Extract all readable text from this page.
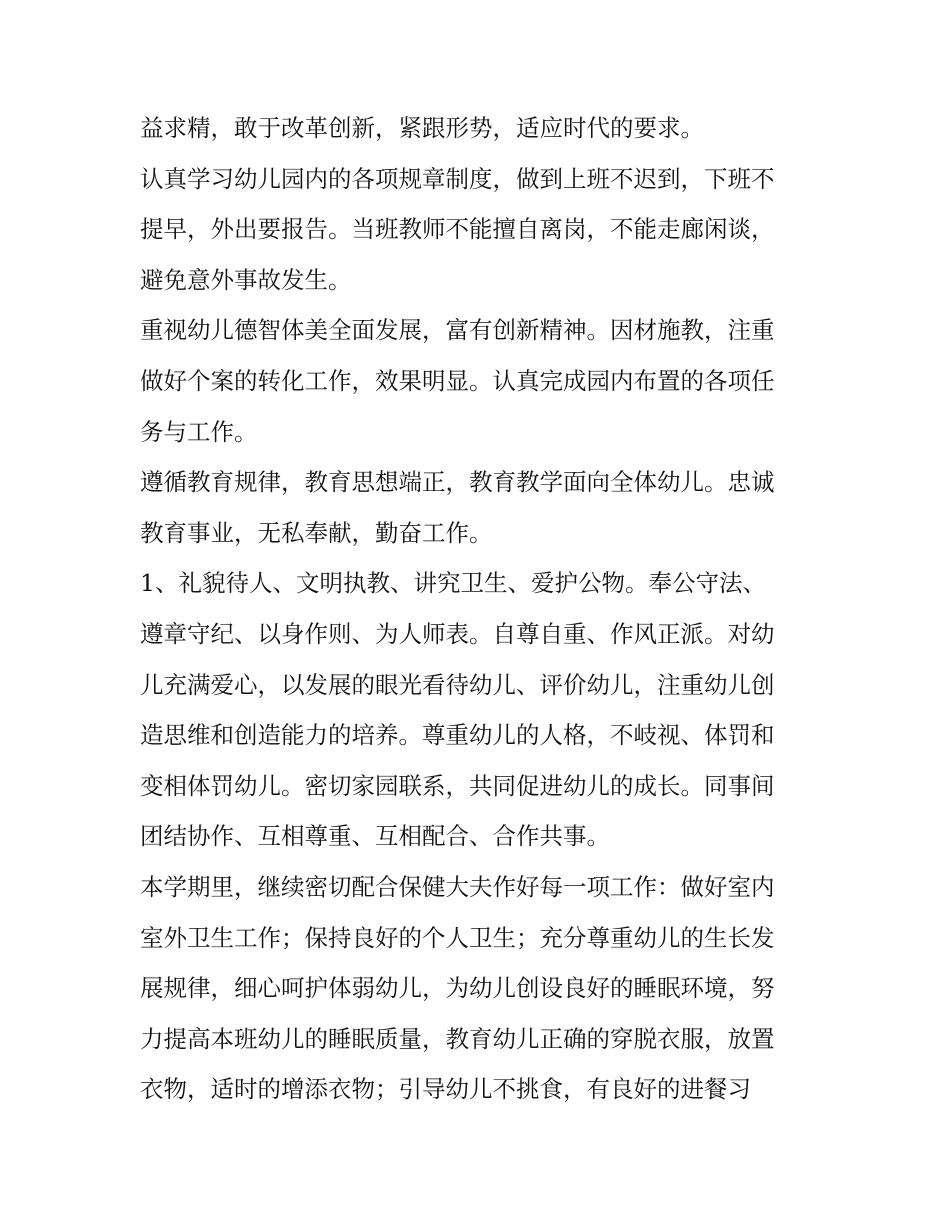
益求精，敢于改革创新，紧跟形势，适应时代的要求。
认真学习幼儿园内的各项规章制度，做到上班不迟到，下班不
提早，外出要报告。当班教师不能擅自离岗，不能走廊闲谈，
避免意外事故发生。
重视幼儿德智体美全面发展，富有创新精神。因材施教，注重
做好个案的转化工作，效果明显。认真完成园内布置的各项任
务与工作。
遵循教育规律，教育思想端正，教育教学面向全体幼儿。忠诚
教育事业，无私奉献，勤奋工作。
1、礼貌待人、文明执教、讲究卫生、爱护公物。奉公守法、
遵章守纪、以身作则、为人师表。自尊自重、作风正派。对幼
儿充满爱心，以发展的眼光看待幼儿、评价幼儿，注重幼儿创
造思维和创造能力的培养。尊重幼儿的人格，不岐视、体罚和
变相体罚幼儿。密切家园联系，共同促进幼儿的成长。同事间
团结协作、互相尊重、互相配合、合作共事。
本学期里，继续密切配合保健大夫作好每一项工作：做好室内
室外卫生工作；保持良好的个人卫生；充分尊重幼儿的生长发
展规律，细心呵护体弱幼儿，为幼儿创设良好的睡眠环境，努
力提高本班幼儿的睡眠质量，教育幼儿正确的穿脱衣服，放置
衣物，适时的增添衣物；引导幼儿不挑食，有良好的进餐习
